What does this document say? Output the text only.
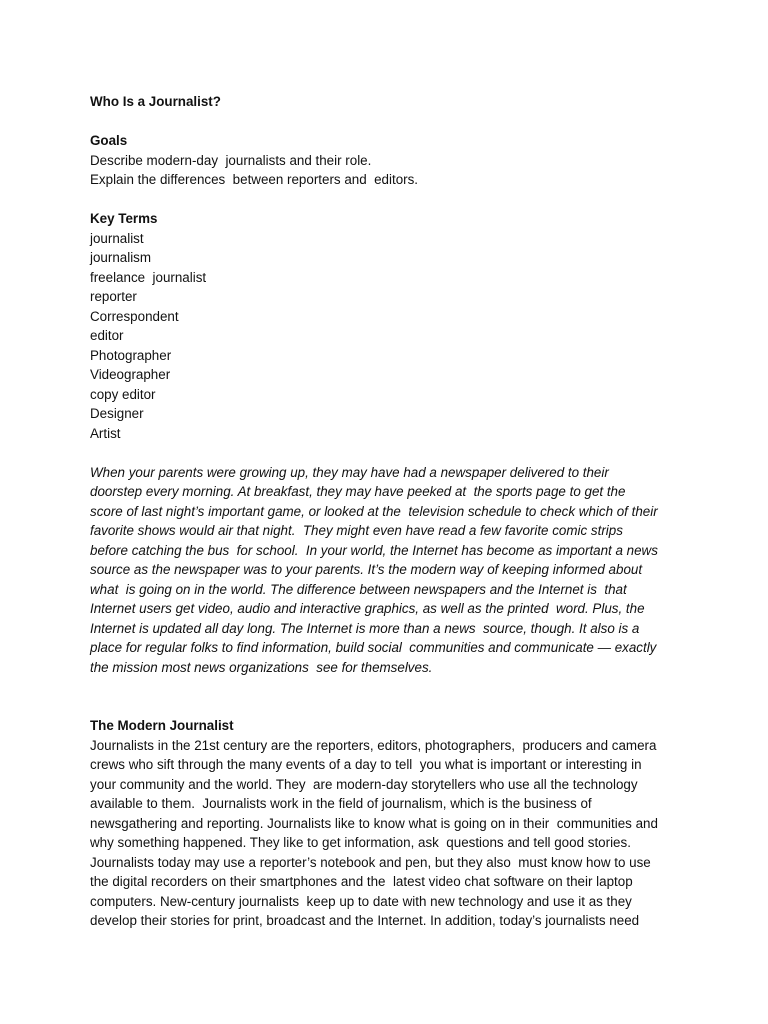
Who Is a Journalist?
Goals
Describe modern-day  journalists and their role.
Explain the differences  between reporters and  editors.
Key Terms
journalist
journalism
freelance  journalist
reporter
Correspondent
editor
Photographer
Videographer
copy editor
Designer
Artist
When your parents were growing up, they may have had a newspaper delivered to their
doorstep every morning. At breakfast, they may have peeked at  the sports page to get the
score of last night’s important game, or looked at the  television schedule to check which of their
favorite shows would air that night.  They might even have read a few favorite comic strips
before catching the bus  for school.  In your world, the Internet has become as important a news
source as the newspaper was to your parents. It’s the modern way of keeping informed about
what  is going on in the world. The difference between newspapers and the Internet is  that
Internet users get video, audio and interactive graphics, as well as the printed  word. Plus, the
Internet is updated all day long. The Internet is more than a news  source, though. It also is a
place for regular folks to find information, build social  communities and communicate — exactly
the mission most news organizations  see for themselves.
The Modern Journalist
Journalists in the 21st century are the reporters, editors, photographers,  producers and camera
crews who sift through the many events of a day to tell  you what is important or interesting in
your community and the world. They  are modern-day storytellers who use all the technology
available to them.  Journalists work in the field of journalism, which is the business of
newsgathering and reporting. Journalists like to know what is going on in their  communities and
why something happened. They like to get information, ask  questions and tell good stories.
Journalists today may use a reporter’s notebook and pen, but they also  must know how to use
the digital recorders on their smartphones and the  latest video chat software on their laptop
computers. New-century journalists  keep up to date with new technology and use it as they
develop their stories for print, broadcast and the Internet. In addition, today’s journalists need
